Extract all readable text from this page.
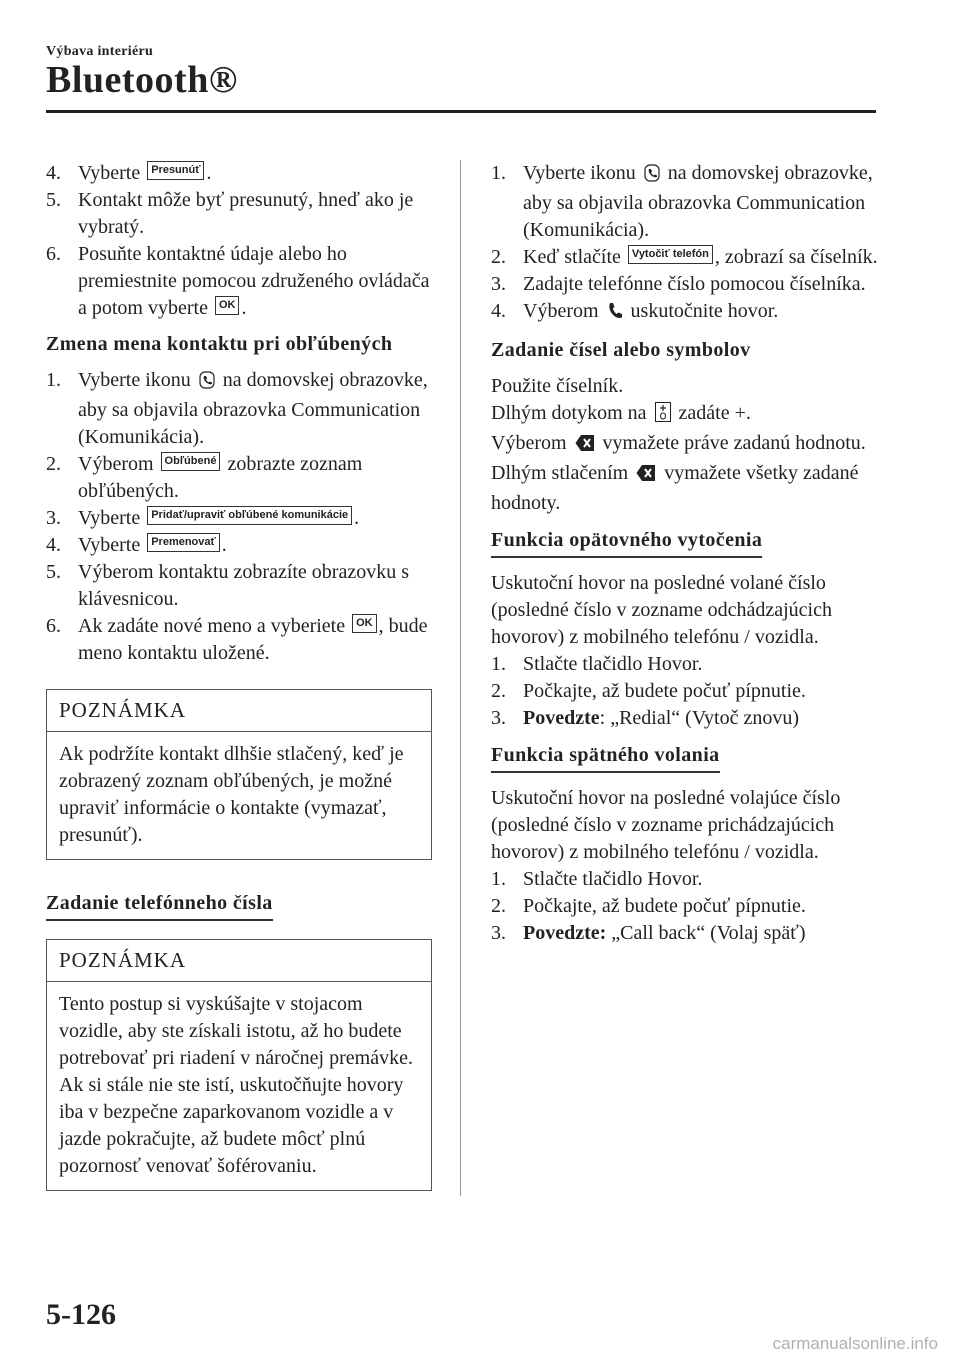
Výbava interiéru
Bluetooth®
4. Vyberte Presunúť .
5. Kontakt môže byť presunutý, hneď ako je vybratý.
6. Posuňte kontaktné údaje alebo ho premiestnite pomocou združeného ovládača a potom vyberte OK .
Zmena mena kontaktu pri obľúbených
1. Vyberte ikonu  na domovskej obrazovke, aby sa objavila obrazovka Communication (Komunikácia).
2. Výberom Obľúbené zobrazte zoznam obľúbených.
3. Vyberte Pridať/upraviť obľúbené komunikácie .
4. Vyberte Premenovať .
5. Výberom kontaktu zobrazíte obrazovku s klávesnicou.
6. Ak zadáte nové meno a vyberiete OK , bude meno kontaktu uložené.
POZNÁMKA
Ak podržíte kontakt dlhšie stlačený, keď je zobrazený zoznam obľúbených, je možné upraviť informácie o kontakte (vymazať, presunúť).
Zadanie telefónneho čísla
POZNÁMKA
Tento postup si vyskúšajte v stojacom vozidle, aby ste získali istotu, až ho budete potrebovať pri riadení v náročnej premávke. Ak si stále nie ste istí, uskutočňujte hovory iba v bezpečne zaparkovanom vozidle a v jazde pokračujte, až budete môcť plnú pozornosť venovať šoférovaniu.
1. Vyberte ikonu  na domovskej obrazovke, aby sa objavila obrazovka Communication (Komunikácia).
2. Keď stlačíte Vytočiť telefón , zobrazí sa číselník.
3. Zadajte telefónne číslo pomocou číselníka.
4. Výberom  uskutočnite hovor.
Zadanie čísel alebo symbolov
Použite číselník.
Dlhým dotykom na  zadáte +.
Výberom  vymažete práve zadanú hodnotu.
Dlhým stlačením  vymažete všetky zadané hodnoty.
Funkcia opätovného vytočenia
Uskutoční hovor na posledné volané číslo (posledné číslo v zozname odchádzajúcich hovorov) z mobilného telefónu / vozidla.
1. Stlačte tlačidlo Hovor.
2. Počkajte, až budete počuť pípnutie.
3. Povedzte: „Redial“ (Vytoč znovu)
Funkcia spätného volania
Uskutoční hovor na posledné volajúce číslo (posledné číslo v zozname prichádzajúcich hovorov) z mobilného telefónu / vozidla.
1. Stlačte tlačidlo Hovor.
2. Počkajte, až budete počuť pípnutie.
3. Povedzte: „Call back“ (Volaj späť)
5-126
carmanualsonline.info
